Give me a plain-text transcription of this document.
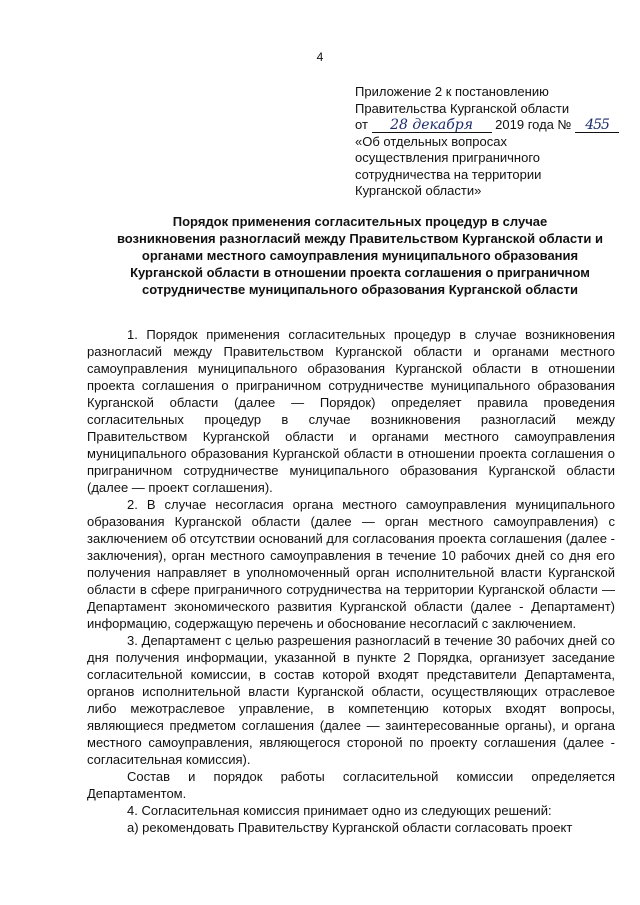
4
Приложение 2 к постановлению
Правительства Курганской области
от 28 декабря 2019 года № 455
«Об отдельных вопросах
осуществления приграничного
сотрудничества на территории
Курганской области»
Порядок применения согласительных процедур в случае
возникновения разногласий между Правительством Курганской области и
органами местного самоуправления муниципального образования
Курганской области в отношении проекта соглашения о приграничном
сотрудничестве муниципального образования Курганской области

1. Порядок применения согласительных процедур в случае возникновения разногласий между Правительством Курганской области и органами местного самоуправления муниципального образования Курганской области в отношении проекта соглашения о приграничном сотрудничестве муниципального образования Курганской области (далее — Порядок) определяет правила проведения согласительных процедур в случае возникновения разногласий между Правительством Курганской области и органами местного самоуправления муниципального образования Курганской области в отношении проекта соглашения о приграничном сотрудничестве муниципального образования Курганской области (далее — проект соглашения).

2. В случае несогласия органа местного самоуправления муниципального образования Курганской области (далее — орган местного самоуправления) с заключением об отсутствии оснований для согласования проекта соглашения (далее - заключения), орган местного самоуправления в течение 10 рабочих дней со дня его получения направляет в уполномоченный орган исполнительной власти Курганской области в сфере приграничного сотрудничества на территории Курганской области — Департамент экономического развития Курганской области (далее - Департамент) информацию, содержащую перечень и обоснование несогласий с заключением.

3. Департамент с целью разрешения разногласий в течение 30 рабочих дней со дня получения информации, указанной в пункте 2 Порядка, организует заседание согласительной комиссии, в состав которой входят представители Департамента, органов исполнительной власти Курганской области, осуществляющих отраслевое либо межотраслевое управление, в компетенцию которых входят вопросы, являющиеся предметом соглашения (далее — заинтересованные органы), и органа местного самоуправления, являющегося стороной по проекту соглашения (далее - согласительная комиссия).

Состав и порядок работы согласительной комиссии определяется Департаментом.

4. Согласительная комиссия принимает одно из следующих решений:

а) рекомендовать Правительству Курганской области согласовать проект
